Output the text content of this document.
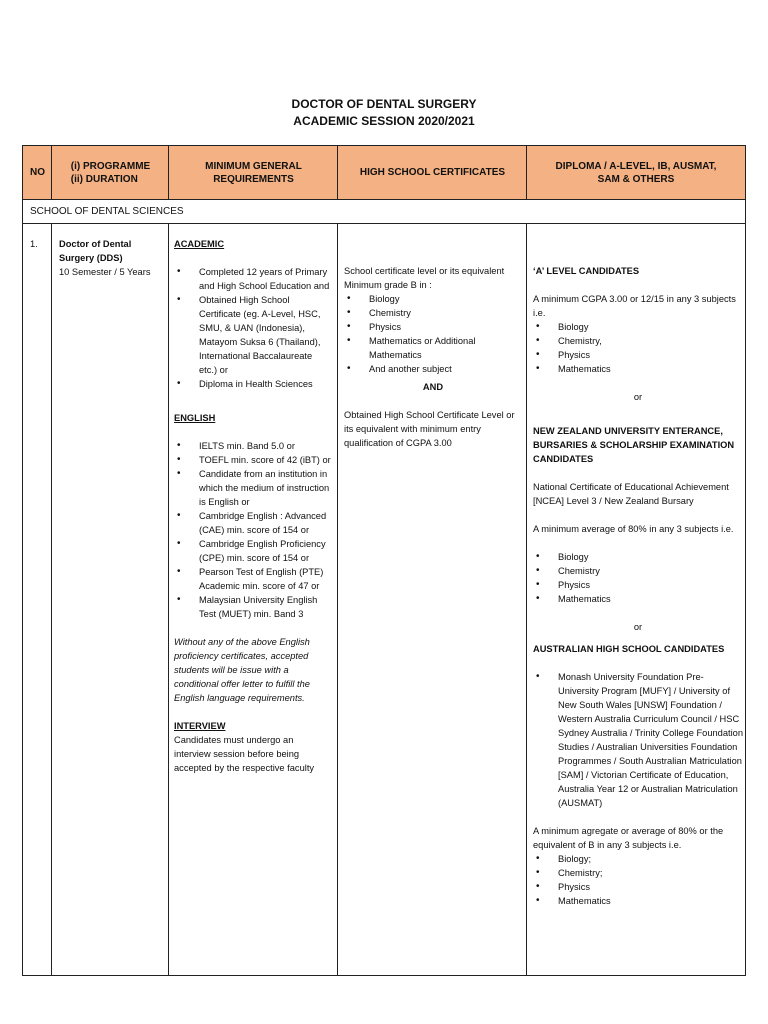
DOCTOR OF DENTAL SURGERY
ACADEMIC SESSION 2020/2021
NO
(i) PROGRAMME
(ii) DURATION
MINIMUM GENERAL
REQUIREMENTS
HIGH SCHOOL CERTIFICATES
DIPLOMA / A-LEVEL, IB, AUSMAT,
SAM & OTHERS
SCHOOL OF DENTAL SCIENCES
1. Doctor of Dental Surgery (DDS)
10 Semester / 5 Years
ACADEMIC
• Completed 12 years of Primary and High School Education and
• Obtained High School Certificate (eg. A-Level, HSC, SMU, & UAN (Indonesia), Matayom Suksa 6 (Thailand), International Baccalaureate etc.) or
• Diploma in Health Sciences
ENGLISH
• IELTS min. Band 5.0 or
• TOEFL min. score of 42 (iBT) or
• Candidate from an institution in which the medium of instruction is English or
• Cambridge English : Advanced (CAE) min. score of 154 or
• Cambridge English Proficiency (CPE) min. score of 154 or
• Pearson Test of English (PTE) Academic min. score of 47 or
• Malaysian University English Test (MUET) min. Band 3
Without any of the above English proficiency certificates, accepted students will be issue with a conditional offer letter to fulfill the English language requirements.
INTERVIEW
Candidates must undergo an interview session before being accepted by the respective faculty
School certificate level or its equivalent Minimum grade B in :
• Biology
• Chemistry
• Physics
• Mathematics or Additional Mathematics
• And another subject
AND
Obtained High School Certificate Level or its equivalent with minimum entry qualification of CGPA 3.00
‘A’ LEVEL CANDIDATES
A minimum CGPA 3.00 or 12/15 in any 3 subjects i.e.
• Biology
• Chemistry,
• Physics
• Mathematics
or
NEW ZEALAND UNIVERSITY ENTERANCE, BURSARIES & SCHOLARSHIP EXAMINATION CANDIDATES
National Certificate of Educational Achievement [NCEA] Level 3 / New Zealand Bursary
A minimum average of 80% in any 3 subjects i.e.
• Biology
• Chemistry
• Physics
• Mathematics
or
AUSTRALIAN HIGH SCHOOL CANDIDATES
• Monash University Foundation Pre-University Program [MUFY] / University of New South Wales [UNSW] Foundation / Western Australia Curriculum Council / HSC Sydney Australia / Trinity College Foundation Studies / Australian Universities Foundation Programmes / South Australian Matriculation [SAM] / Victorian Certificate of Education, Australia Year 12 or Australian Matriculation (AUSMAT)
A minimum agregate or average of 80% or the equivalent of B in any 3 subjects i.e.
• Biology;
• Chemistry;
• Physics
• Mathematics
